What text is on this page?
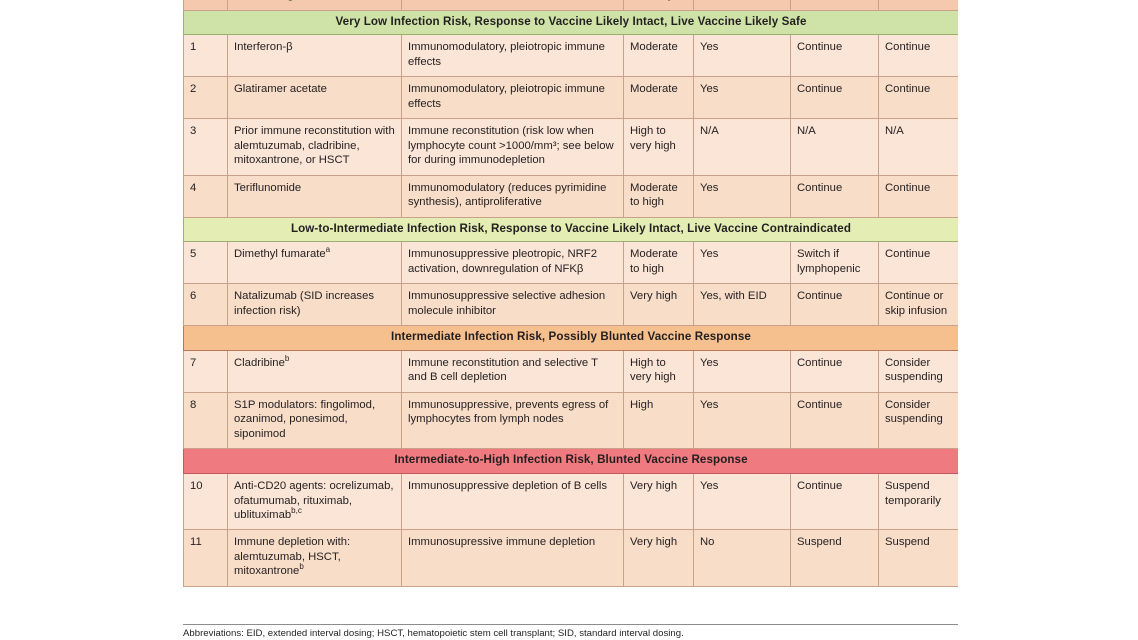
Very Low Infection Risk, Response to Vaccine Likely Intact, Live Vaccine Likely Safe						
1	Interferon-β	Immunomodulatory, pleiotropic immune effects	Moderate	Yes	Continue	Continue
2	Glatiramer acetate	Immunomodulatory, pleiotropic immune effects	Moderate	Yes	Continue	Continue
3	Prior immune reconstitution with alemtuzumab, cladribine, mitoxantrone, or HSCT	Immune reconstitution (risk low when lymphocyte count >1000/mm³; see below for during immunodepletion	High to very high	N/A	N/A	N/A
4	Teriflunomide	Immunomodulatory (reduces pyrimidine synthesis), antiproliferative	Moderate to high	Yes	Continue	Continue
Low-to-Intermediate Infection Risk, Response to Vaccine Likely Intact, Live Vaccine Contraindicated						
5	Dimethyl fumarate$^a$	Immunosuppressive pleotropic, NRF2 activation, downregulation of NFKβ	Moderate to high	Yes	Switch if lymphopenic	Continue
6	Natalizumab (SID increases infection risk)	Immunosuppressive selective adhesion molecule inhibitor	Very high	Yes, with EID	Continue	Continue or skip infusion
Intermediate Infection Risk, Possibly Blunted Vaccine Response						
7	Cladribine$^b$	Immune reconstitution and selective T and B cell depletion	High to very high	Yes	Continue	Consider suspending
8	S1P modulators: fingolimod, ozanimod, ponesimod, siponimod	Immunosuppressive, prevents egress of lymphocytes from lymph nodes	High	Yes	Continue	Consider suspending
Intermediate-to-High Infection Risk, Blunted Vaccine Response						
10	Anti-CD20 agents: ocrelizumab, ofatumumab, rituximab, ublituximab$^{b,c}$	Immunosuppressive depletion of B cells	Very high	Yes	Continue	Suspend temporarily
11	Immune depletion with: alemtuzumab, HSCT, mitoxantrone$^b$	Immunosupressive immune depletion	Very high	No	Suspend	Suspend
Abbreviations: EID, extended interval dosing; HSCT, hematopoietic stem cell transplant; SID, standard interval dosing.
